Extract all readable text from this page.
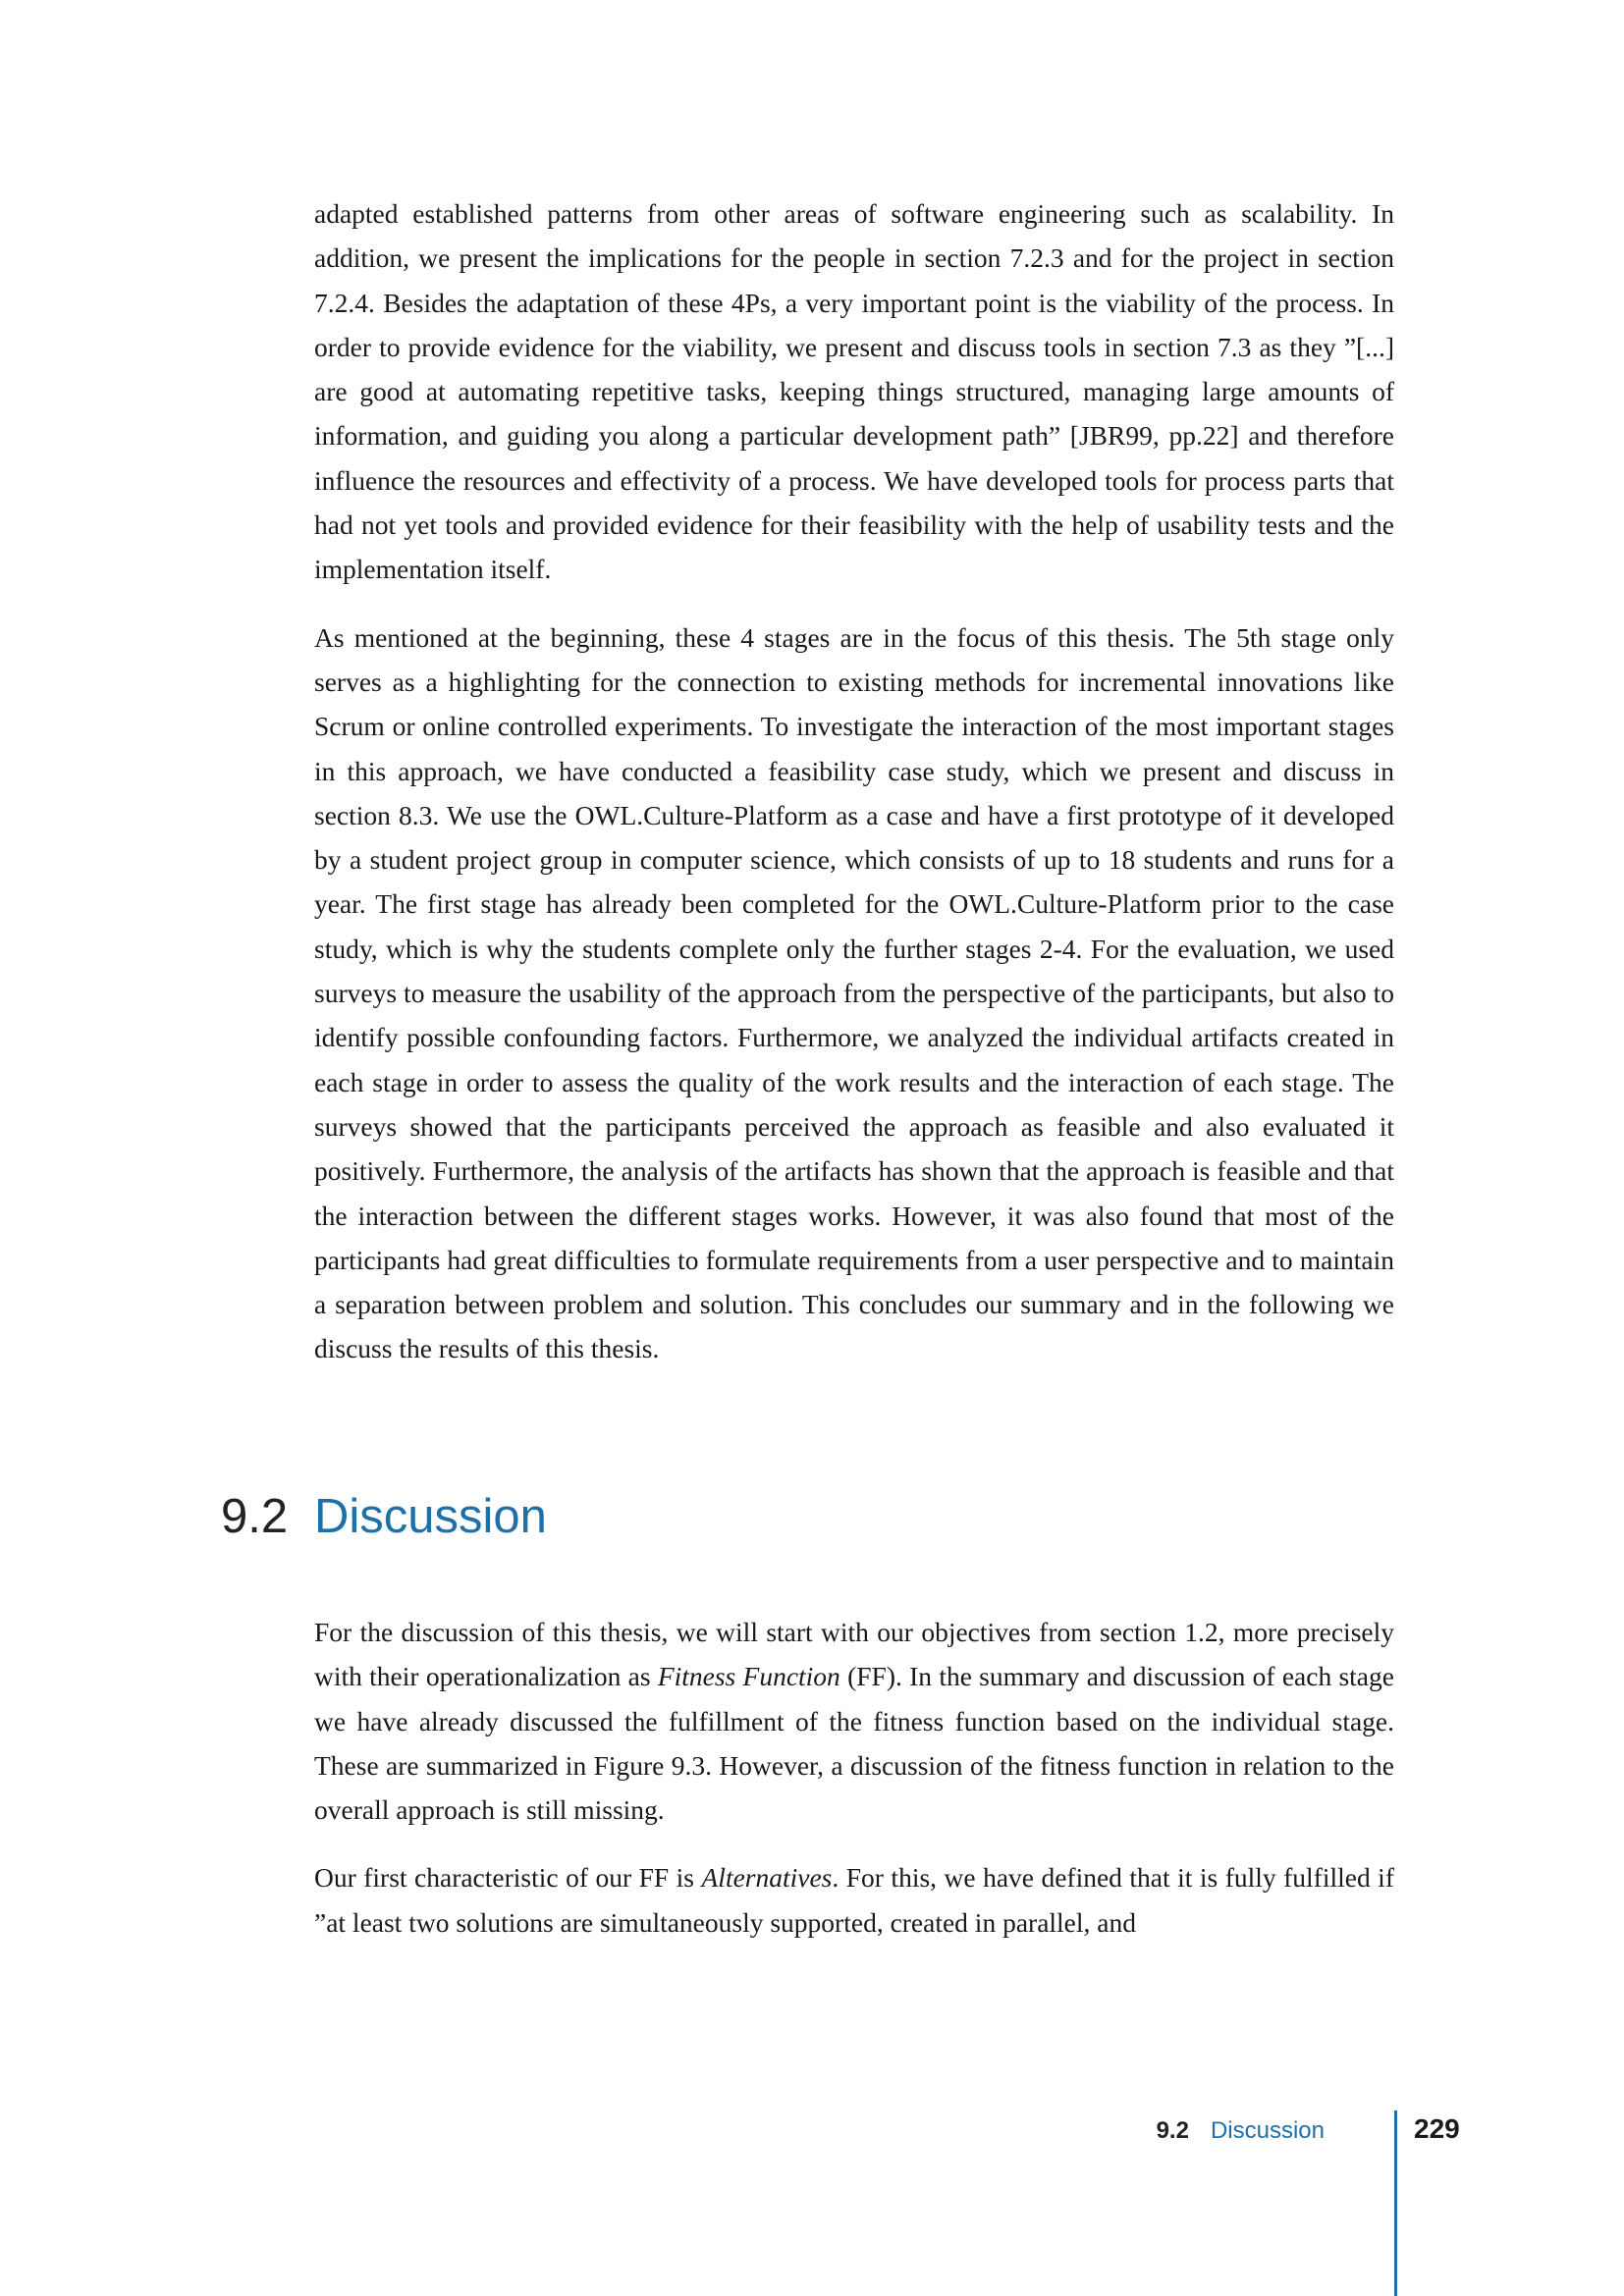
adapted established patterns from other areas of software engineering such as scalability. In addition, we present the implications for the people in section 7.2.3 and for the project in section 7.2.4. Besides the adaptation of these 4Ps, a very important point is the viability of the process. In order to provide evidence for the viability, we present and discuss tools in section 7.3 as they ”[...] are good at automating repetitive tasks, keeping things structured, managing large amounts of information, and guiding you along a particular development path” [JBR99, pp.22] and therefore influence the resources and effectivity of a process. We have developed tools for process parts that had not yet tools and provided evidence for their feasibility with the help of usability tests and the implementation itself.

As mentioned at the beginning, these 4 stages are in the focus of this thesis. The 5th stage only serves as a highlighting for the connection to existing methods for incremental innovations like Scrum or online controlled experiments. To investigate the interaction of the most important stages in this approach, we have conducted a feasibility case study, which we present and discuss in section 8.3. We use the OWL.Culture-Platform as a case and have a first prototype of it developed by a student project group in computer science, which consists of up to 18 students and runs for a year. The first stage has already been completed for the OWL.Culture-Platform prior to the case study, which is why the students complete only the further stages 2-4. For the evaluation, we used surveys to measure the usability of the approach from the perspective of the participants, but also to identify possible confounding factors. Furthermore, we analyzed the individual artifacts created in each stage in order to assess the quality of the work results and the interaction of each stage. The surveys showed that the participants perceived the approach as feasible and also evaluated it positively. Furthermore, the analysis of the artifacts has shown that the approach is feasible and that the interaction between the different stages works. However, it was also found that most of the participants had great difficulties to formulate requirements from a user perspective and to maintain a separation between problem and solution. This concludes our summary and in the following we discuss the results of this thesis.

9.2 Discussion

For the discussion of this thesis, we will start with our objectives from section 1.2, more precisely with their operationalization as Fitness Function (FF). In the summary and discussion of each stage we have already discussed the fulfillment of the fitness function based on the individual stage. These are summarized in Figure 9.3. However, a discussion of the fitness function in relation to the overall approach is still missing.

Our first characteristic of our FF is Alternatives. For this, we have defined that it is fully fulfilled if ”at least two solutions are simultaneously supported, created in parallel, and

9.2 Discussion	229
